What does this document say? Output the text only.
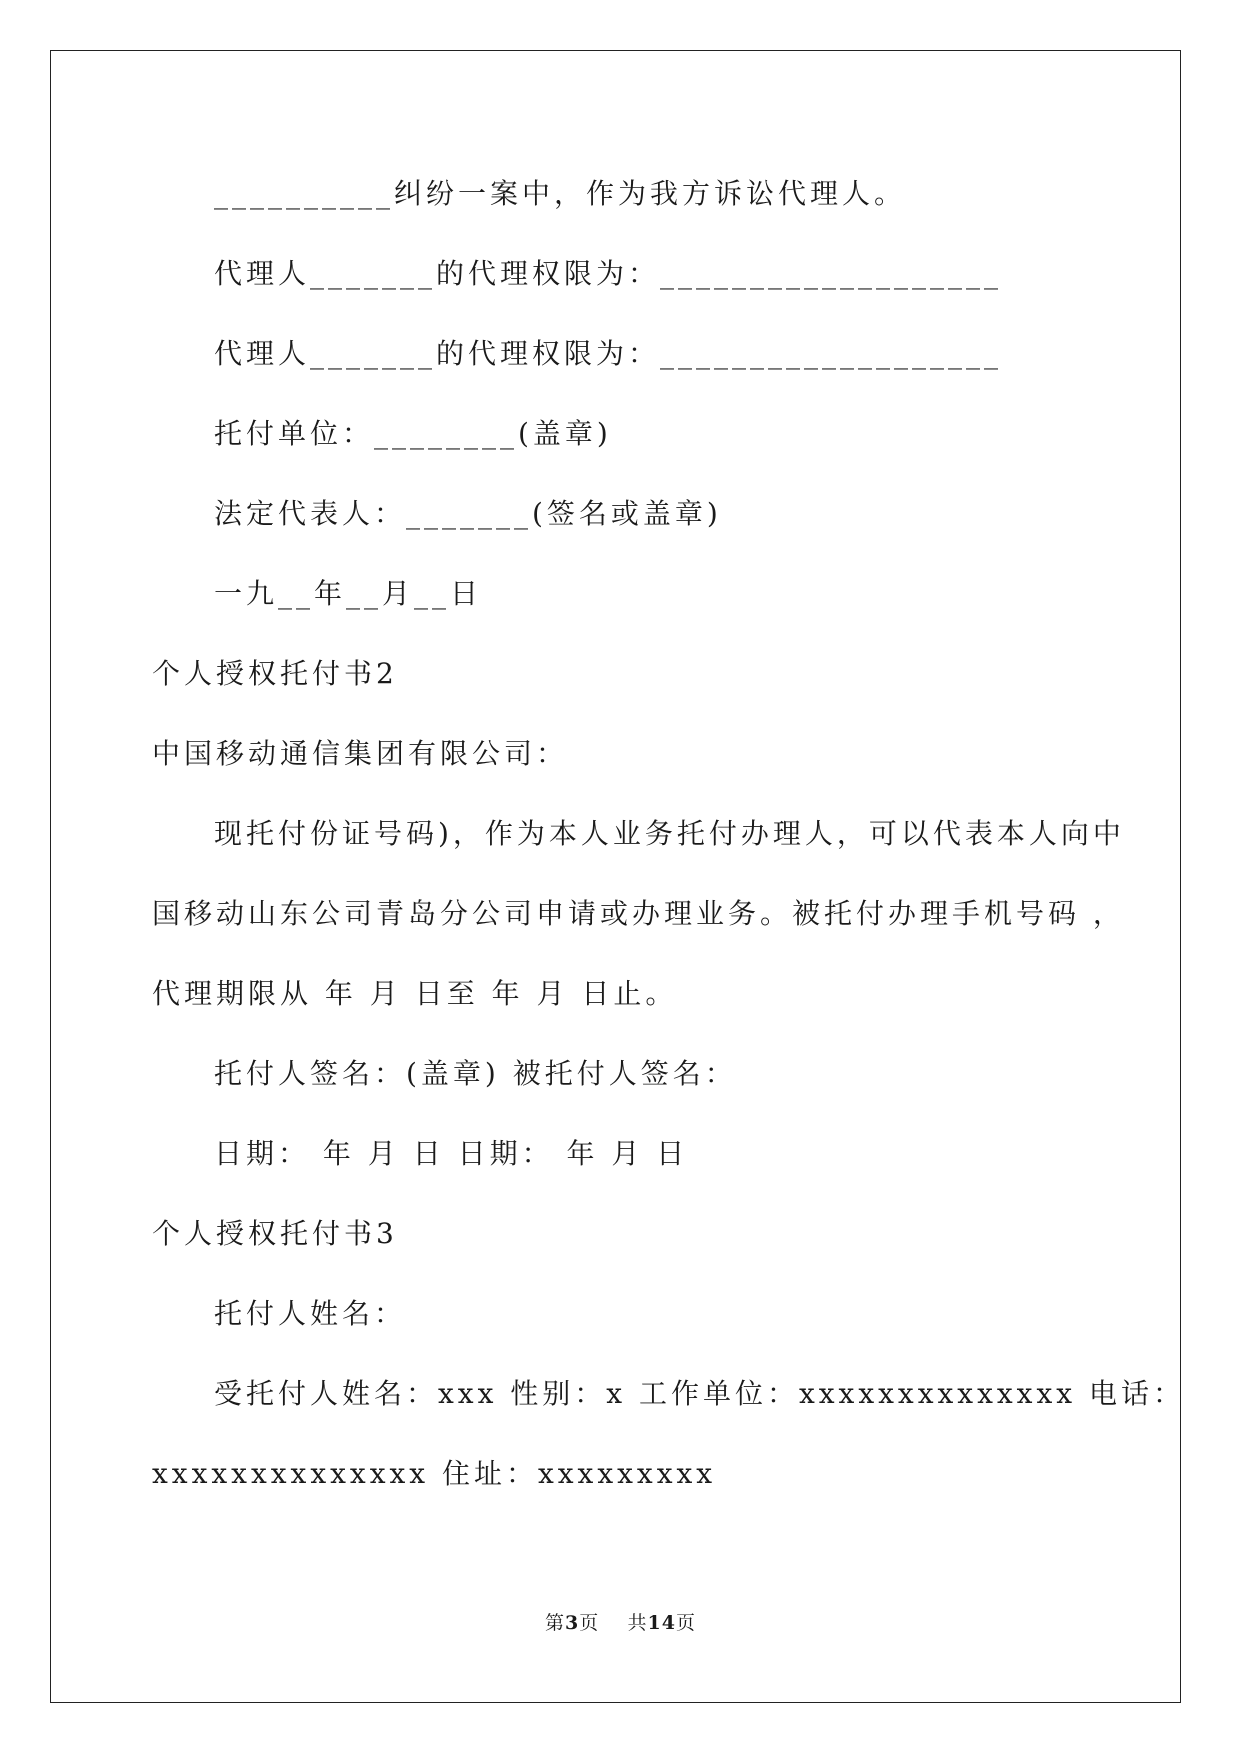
__________纠纷一案中，作为我方诉讼代理人。
代理人_______的代理权限为：___________________
代理人_______的代理权限为：___________________
托付单位：________(盖章)
法定代表人：_______(签名或盖章)
一九__年__月__日
个人授权托付书2
中国移动通信集团有限公司：
现托付份证号码)，作为本人业务托付办理人，可以代表本人向中
国移动山东公司青岛分公司申请或办理业务。被托付办理手机号码 ，
代理期限从 年 月 日至 年 月 日止。
托付人签名：(盖章) 被托付人签名：
日期： 年 月 日 日期： 年 月 日
个人授权托付书3
托付人姓名：
受托付人姓名：xxx 性别：x 工作单位：xxxxxxxxxxxxxx 电话：
xxxxxxxxxxxxxx 住址：xxxxxxxxx
第3页 共14页
